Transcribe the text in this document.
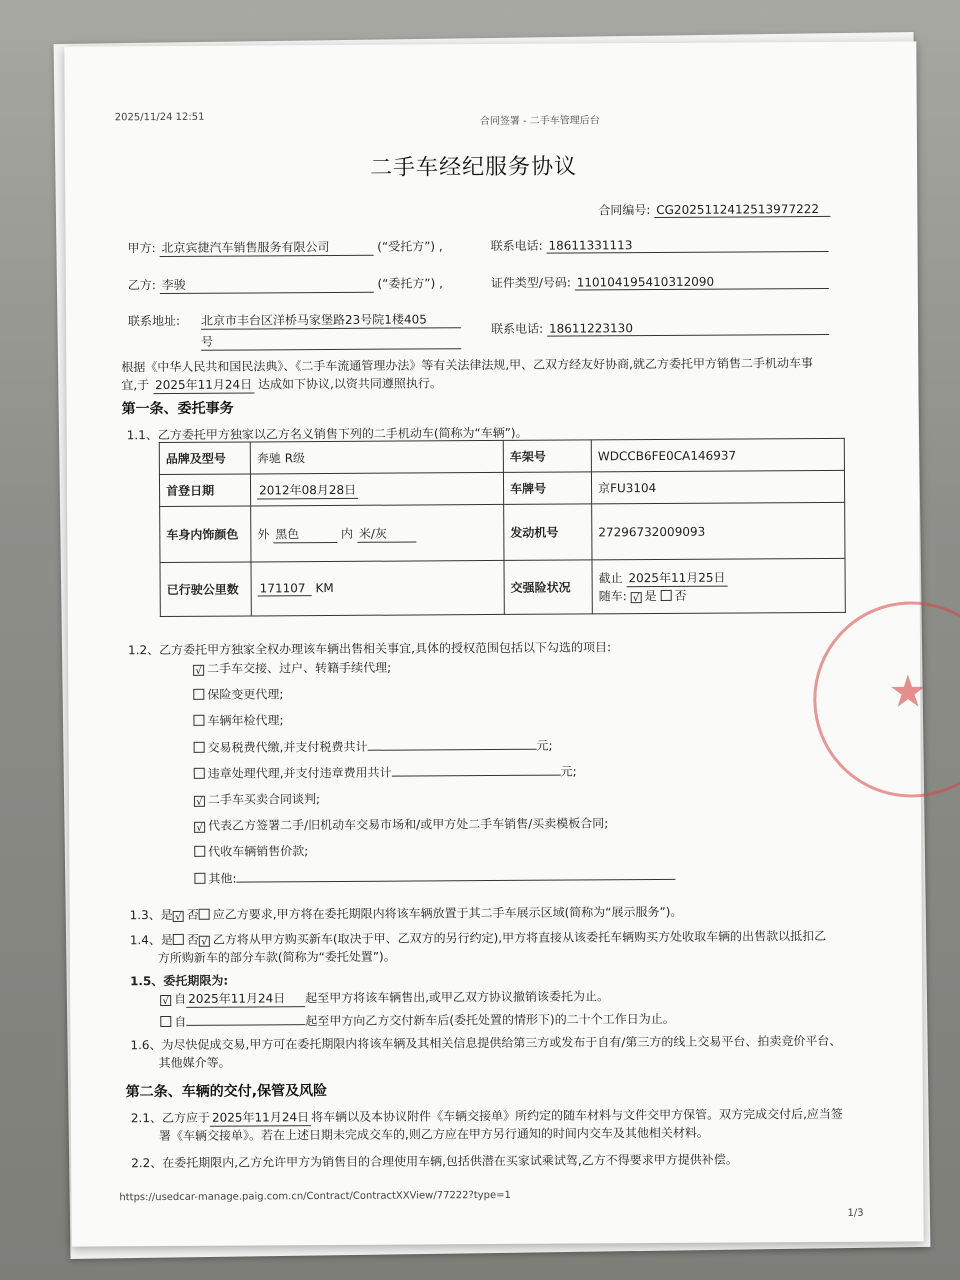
2025/11/24 12:51	合同签署 - 二手车管理后台
二手车经纪服务协议
合同编号: CG2025112412513977222
甲方: 北京宾捷汽车销售服务有限公司	(“受托方”) ,	联系电话: 18611331113
乙方: 李骏	(“委托方”) ,	证件类型/号码: 110104195410312090
联系地址: 北京市丰台区洋桥马家堡路23号院1楼405
号
联系电话: 18611223130
根据《中华人民共和国民法典》、《二手车流通管理办法》等有关法律法规,甲、乙双方经友好协商,就乙方委托甲方销售二手机动车事
宜,于 2025年11月24日 达成如下协议,以资共同遵照执行。
第一条、委托事务
1.1、乙方委托甲方独家以乙方名义销售下列的二手机动车(简称为“车辆”)。
品牌及型号	奔驰 R级	车架号	WDCCB6FE0CA146937
首登日期	2012年08月28日	车牌号	京FU3104
车身内饰颜色	外 黑色 内 米/灰	发动机号	27296732009093
已行驶公里数	171107 KM	交强险状况	截止 2025年11月25日
随车: √ 是 否
1.2、乙方委托甲方独家全权办理该车辆出售相关事宜,具体的授权范围包括以下勾选的项目:
√ 二手车交接、过户、转籍手续代理;
保险变更代理;
车辆年检代理;
交易税费代缴,并支付税费共计	元;
违章处理代理,并支付违章费用共计	元;
√ 二手车买卖合同谈判;
√ 代表乙方签署二手/旧机动车交易市场和/或甲方处二手车销售/买卖模板合同;
代收车辆销售价款;
其他:
1.3、是 √ 否 应乙方要求,甲方将在委托期限内将该车辆放置于其二手车展示区域(简称为“展示服务”)。
1.4、是 否 √ 乙方将从甲方购买新车(取决于甲、乙双方的另行约定),甲方将直接从该委托车辆购买方处收取车辆的出售款以抵扣乙
方所购新车的部分车款(简称为“委托处置”)。
1.5、委托期限为:
√ 自 2025年11月24日 起至甲方将该车辆售出,或甲乙双方协议撤销该委托为止。
自	起至甲方向乙方交付新车后(委托处置的情形下)的二十个工作日为止。
1.6、为尽快促成交易,甲方可在委托期限内将该车辆及其相关信息提供给第三方或发布于自有/第三方的线上交易平台、拍卖竞价平台、
其他媒介等。
第二条、车辆的交付,保管及风险
2.1、乙方应于 2025年11月24日 将车辆以及本协议附件《车辆交接单》所约定的随车材料与文件交甲方保管。双方完成交付后,应当签
署《车辆交接单》。若在上述日期未完成交车的,则乙方应在甲方另行通知的时间内交车及其他相关材料。
2.2、在委托期限内,乙方允许甲方为销售目的合理使用车辆,包括供潜在买家试乘试驾,乙方不得要求甲方提供补偿。
https://usedcar-manage.paig.com.cn/Contract/ContractXXView/77222?type=1
1/3
★
